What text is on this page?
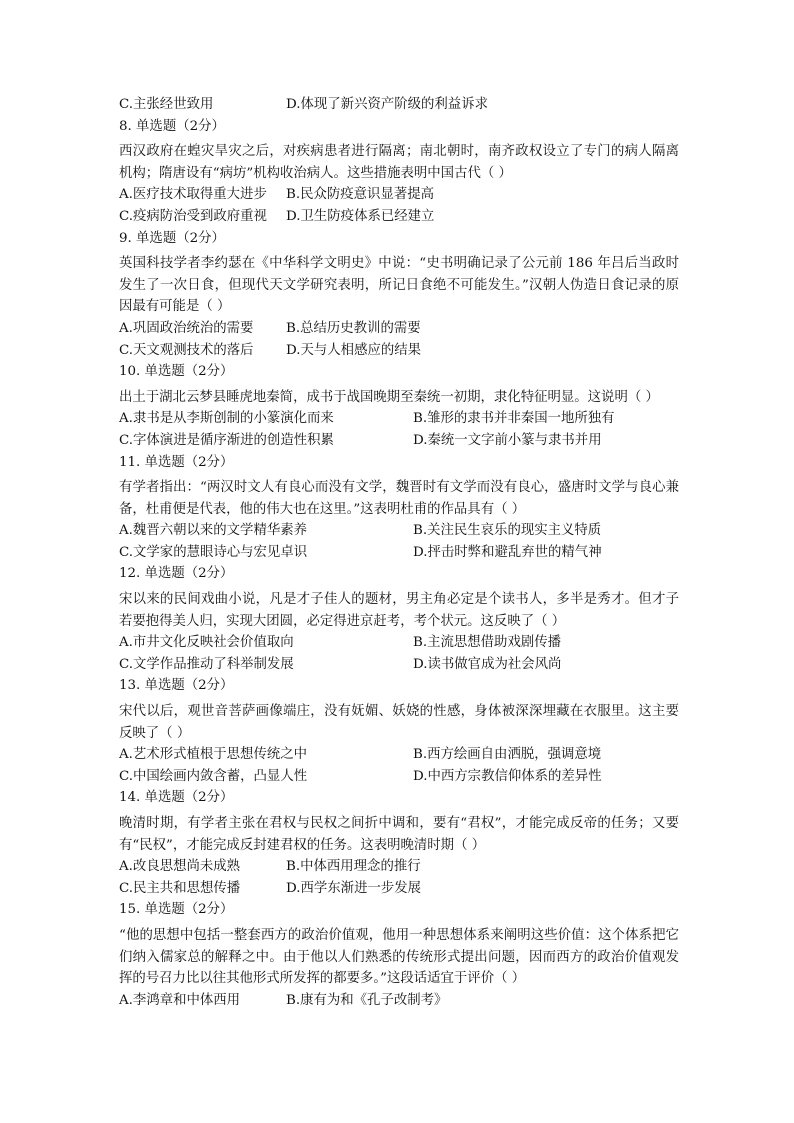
C.主张经世致用	D.体现了新兴资产阶级的利益诉求
8. 单选题（2分）
西汉政府在蝗灾旱灾之后，对疾病患者进行隔离；南北朝时，南齐政权设立了专门的病人隔离机构；隋唐设有“病坊”机构收治病人。这些措施表明中国古代（ ）
A.医疗技术取得重大进步	B.民众防疫意识显著提高
C.疫病防治受到政府重视	D.卫生防疫体系已经建立
9. 单选题（2分）
英国科技学者李约瑟在《中华科学文明史》中说：“史书明确记录了公元前 186 年吕后当政时发生了一次日食，但现代天文学研究表明，所记日食绝不可能发生。”汉朝人伪造日食记录的原因最有可能是（ ）
A.巩固政治统治的需要	B.总结历史教训的需要
C.天文观测技术的落后	D.天与人相感应的结果
10. 单选题（2分）
出土于湖北云梦县睡虎地秦简，成书于战国晚期至秦统一初期，隶化特征明显。这说明（ ）
A.隶书是从李斯创制的小篆演化而来	B.雏形的隶书并非秦国一地所独有
C.字体演进是循序渐进的创造性积累	D.秦统一文字前小篆与隶书并用
11. 单选题（2分）
有学者指出：“两汉时文人有良心而没有文学，魏晋时有文学而没有良心，盛唐时文学与良心兼备，杜甫便是代表，他的伟大也在这里。”这表明杜甫的作品具有（ ）
A.魏晋六朝以来的文学精华素养	B.关注民生哀乐的现实主义特质
C.文学家的慧眼诗心与宏见卓识	D.抨击时弊和避乱弃世的精气神
12. 单选题（2分）
宋以来的民间戏曲小说，凡是才子佳人的题材，男主角必定是个读书人，多半是秀才。但才子若要抱得美人归，实现大团圆，必定得进京赶考，考个状元。这反映了（ ）
A.市井文化反映社会价值取向	B.主流思想借助戏剧传播
C.文学作品推动了科举制发展	D.读书做官成为社会风尚
13. 单选题（2分）
宋代以后，观世音菩萨画像端庄，没有妩媚、妖娆的性感，身体被深深埋藏在衣服里。这主要反映了（ ）
A.艺术形式植根于思想传统之中	B.西方绘画自由洒脱，强调意境
C.中国绘画内敛含蓄，凸显人性	D.中西方宗教信仰体系的差异性
14. 单选题（2分）
晚清时期，有学者主张在君权与民权之间折中调和，要有“君权”，才能完成反帝的任务；又要有“民权”，才能完成反封建君权的任务。这表明晚清时期（ ）
A.改良思想尚未成熟	B.中体西用理念的推行
C.民主共和思想传播	D.西学东渐进一步发展
15. 单选题（2分）
“他的思想中包括一整套西方的政治价值观，他用一种思想体系来阐明这些价值：这个体系把它们纳入儒家总的解释之中。由于他以人们熟悉的传统形式提出问题，因而西方的政治价值观发挥的号召力比以往其他形式所发挥的都要多。”这段话适宜于评价（ ）
A.李鸿章和中体西用	B.康有为和《孔子改制考》
